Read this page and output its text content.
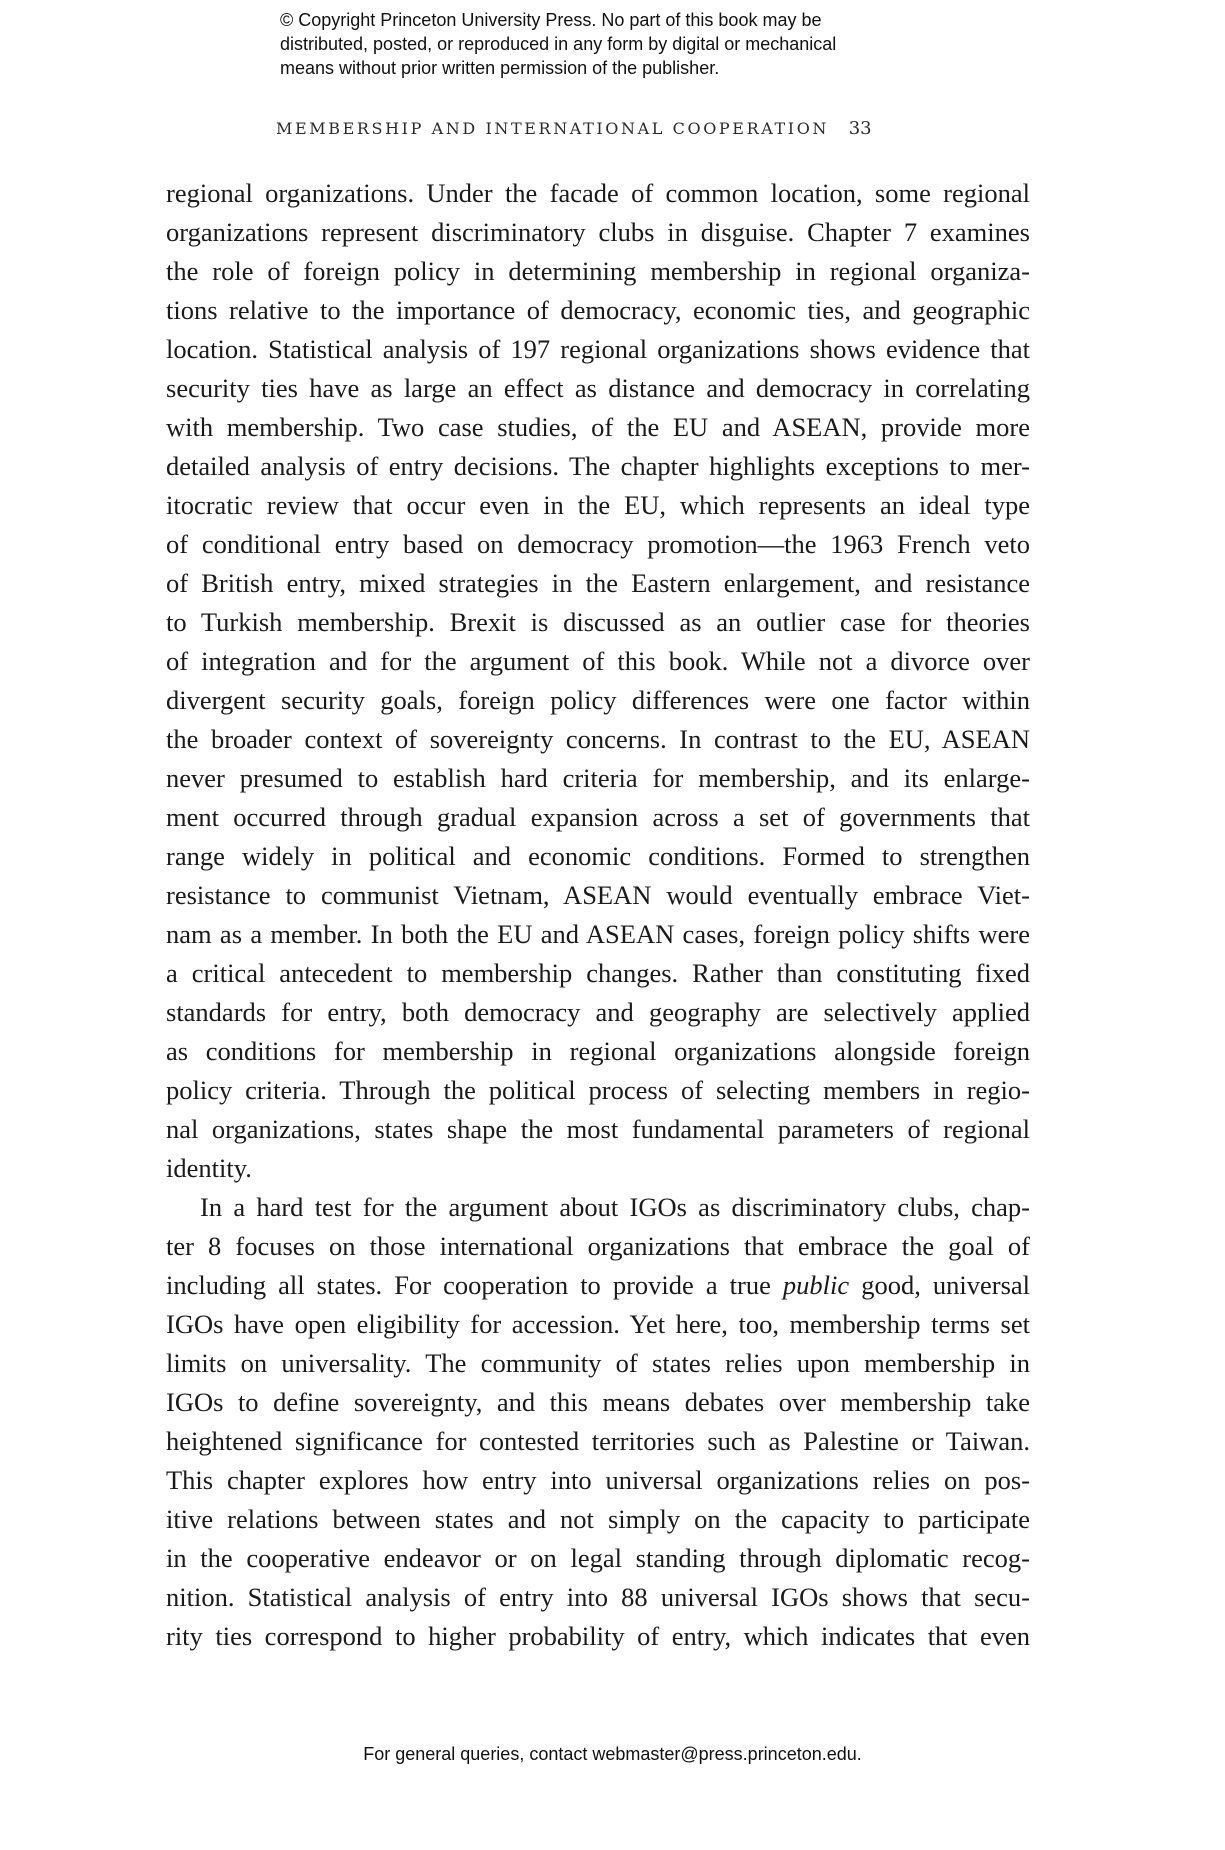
© Copyright Princeton University Press. No part of this book may be
distributed, posted, or reproduced in any form by digital or mechanical
means without prior written permission of the publisher.
MEMBERSHIP AND INTERNATIONAL COOPERATION 33
regional organizations. Under the facade of common location, some regional
organizations represent discriminatory clubs in disguise. Chapter 7 examines
the role of foreign policy in determining membership in regional organiza-
tions relative to the importance of democracy, economic ties, and geographic
location. Statistical analysis of 197 regional organizations shows evidence that
security ties have as large an effect as distance and democracy in correlating
with membership. Two case studies, of the EU and ASEAN, provide more
detailed analysis of entry decisions. The chapter highlights exceptions to mer-
itocratic review that occur even in the EU, which represents an ideal type
of conditional entry based on democracy promotion—the 1963 French veto
of British entry, mixed strategies in the Eastern enlargement, and resistance
to Turkish membership. Brexit is discussed as an outlier case for theories
of integration and for the argument of this book. While not a divorce over
divergent security goals, foreign policy differences were one factor within
the broader context of sovereignty concerns. In contrast to the EU, ASEAN
never presumed to establish hard criteria for membership, and its enlarge-
ment occurred through gradual expansion across a set of governments that
range widely in political and economic conditions. Formed to strengthen
resistance to communist Vietnam, ASEAN would eventually embrace Viet-
nam as a member. In both the EU and ASEAN cases, foreign policy shifts were
a critical antecedent to membership changes. Rather than constituting fixed
standards for entry, both democracy and geography are selectively applied
as conditions for membership in regional organizations alongside foreign
policy criteria. Through the political process of selecting members in regio-
nal organizations, states shape the most fundamental parameters of regional
identity.
In a hard test for the argument about IGOs as discriminatory clubs, chap-
ter 8 focuses on those international organizations that embrace the goal of
including all states. For cooperation to provide a true public good, universal
IGOs have open eligibility for accession. Yet here, too, membership terms set
limits on universality. The community of states relies upon membership in
IGOs to define sovereignty, and this means debates over membership take
heightened significance for contested territories such as Palestine or Taiwan.
This chapter explores how entry into universal organizations relies on pos-
itive relations between states and not simply on the capacity to participate
in the cooperative endeavor or on legal standing through diplomatic recog-
nition. Statistical analysis of entry into 88 universal IGOs shows that secu-
rity ties correspond to higher probability of entry, which indicates that even
For general queries, contact webmaster@press.princeton.edu.
